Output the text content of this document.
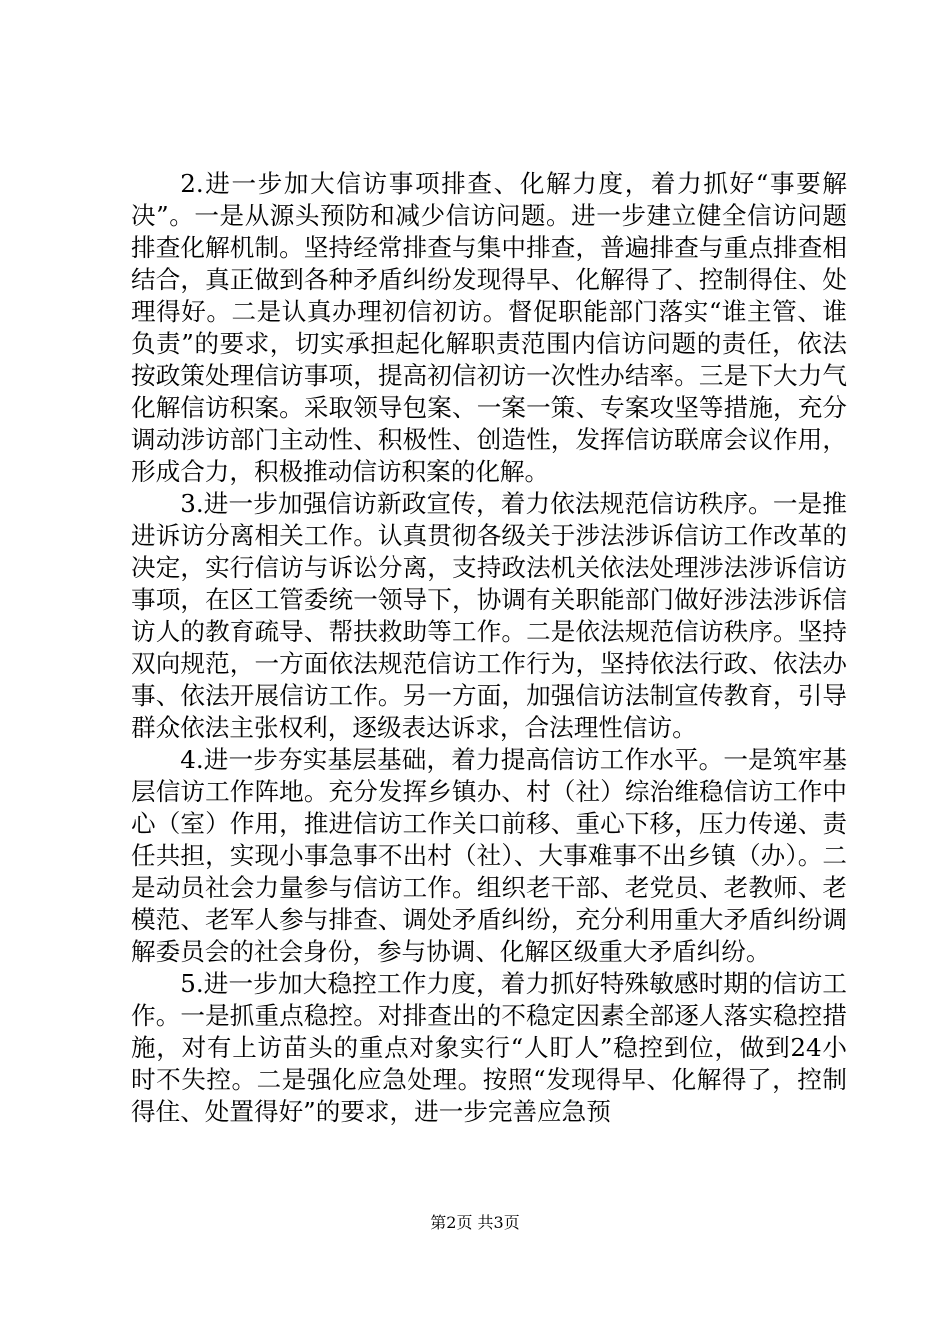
2.进一步加大信访事项排查、化解力度，着力抓好“事要解决”。一是从源头预防和减少信访问题。进一步建立健全信访问题排查化解机制。坚持经常排查与集中排查，普遍排查与重点排查相结合，真正做到各种矛盾纠纷发现得早、化解得了、控制得住、处理得好。二是认真办理初信初访。督促职能部门落实“谁主管、谁负责”的要求，切实承担起化解职责范围内信访问题的责任，依法按政策处理信访事项，提高初信初访一次性办结率。三是下大力气化解信访积案。采取领导包案、一案一策、专案攻坚等措施，充分调动涉访部门主动性、积极性、创造性，发挥信访联席会议作用，形成合力，积极推动信访积案的化解。

3.进一步加强信访新政宣传，着力依法规范信访秩序。一是推进诉访分离相关工作。认真贯彻各级关于涉法涉诉信访工作改革的决定，实行信访与诉讼分离，支持政法机关依法处理涉法涉诉信访事项，在区工管委统一领导下，协调有关职能部门做好涉法涉诉信访人的教育疏导、帮扶救助等工作。二是依法规范信访秩序。坚持双向规范，一方面依法规范信访工作行为，坚持依法行政、依法办事、依法开展信访工作。另一方面，加强信访法制宣传教育，引导群众依法主张权利，逐级表达诉求，合法理性信访。

4.进一步夯实基层基础，着力提高信访工作水平。一是筑牢基层信访工作阵地。充分发挥乡镇办、村（社）综治维稳信访工作中心（室）作用，推进信访工作关口前移、重心下移，压力传递、责任共担，实现小事急事不出村（社）、大事难事不出乡镇（办）。二是动员社会力量参与信访工作。组织老干部、老党员、老教师、老模范、老军人参与排查、调处矛盾纠纷，充分利用重大矛盾纠纷调解委员会的社会身份，参与协调、化解区级重大矛盾纠纷。

5.进一步加大稳控工作力度，着力抓好特殊敏感时期的信访工作。一是抓重点稳控。对排查出的不稳定因素全部逐人落实稳控措施，对有上访苗头的重点对象实行“人盯人”稳控到位，做到24小时不失控。二是强化应急处理。按照“发现得早、化解得了，控制得住、处置得好”的要求，进一步完善应急预

第2页 共3页
